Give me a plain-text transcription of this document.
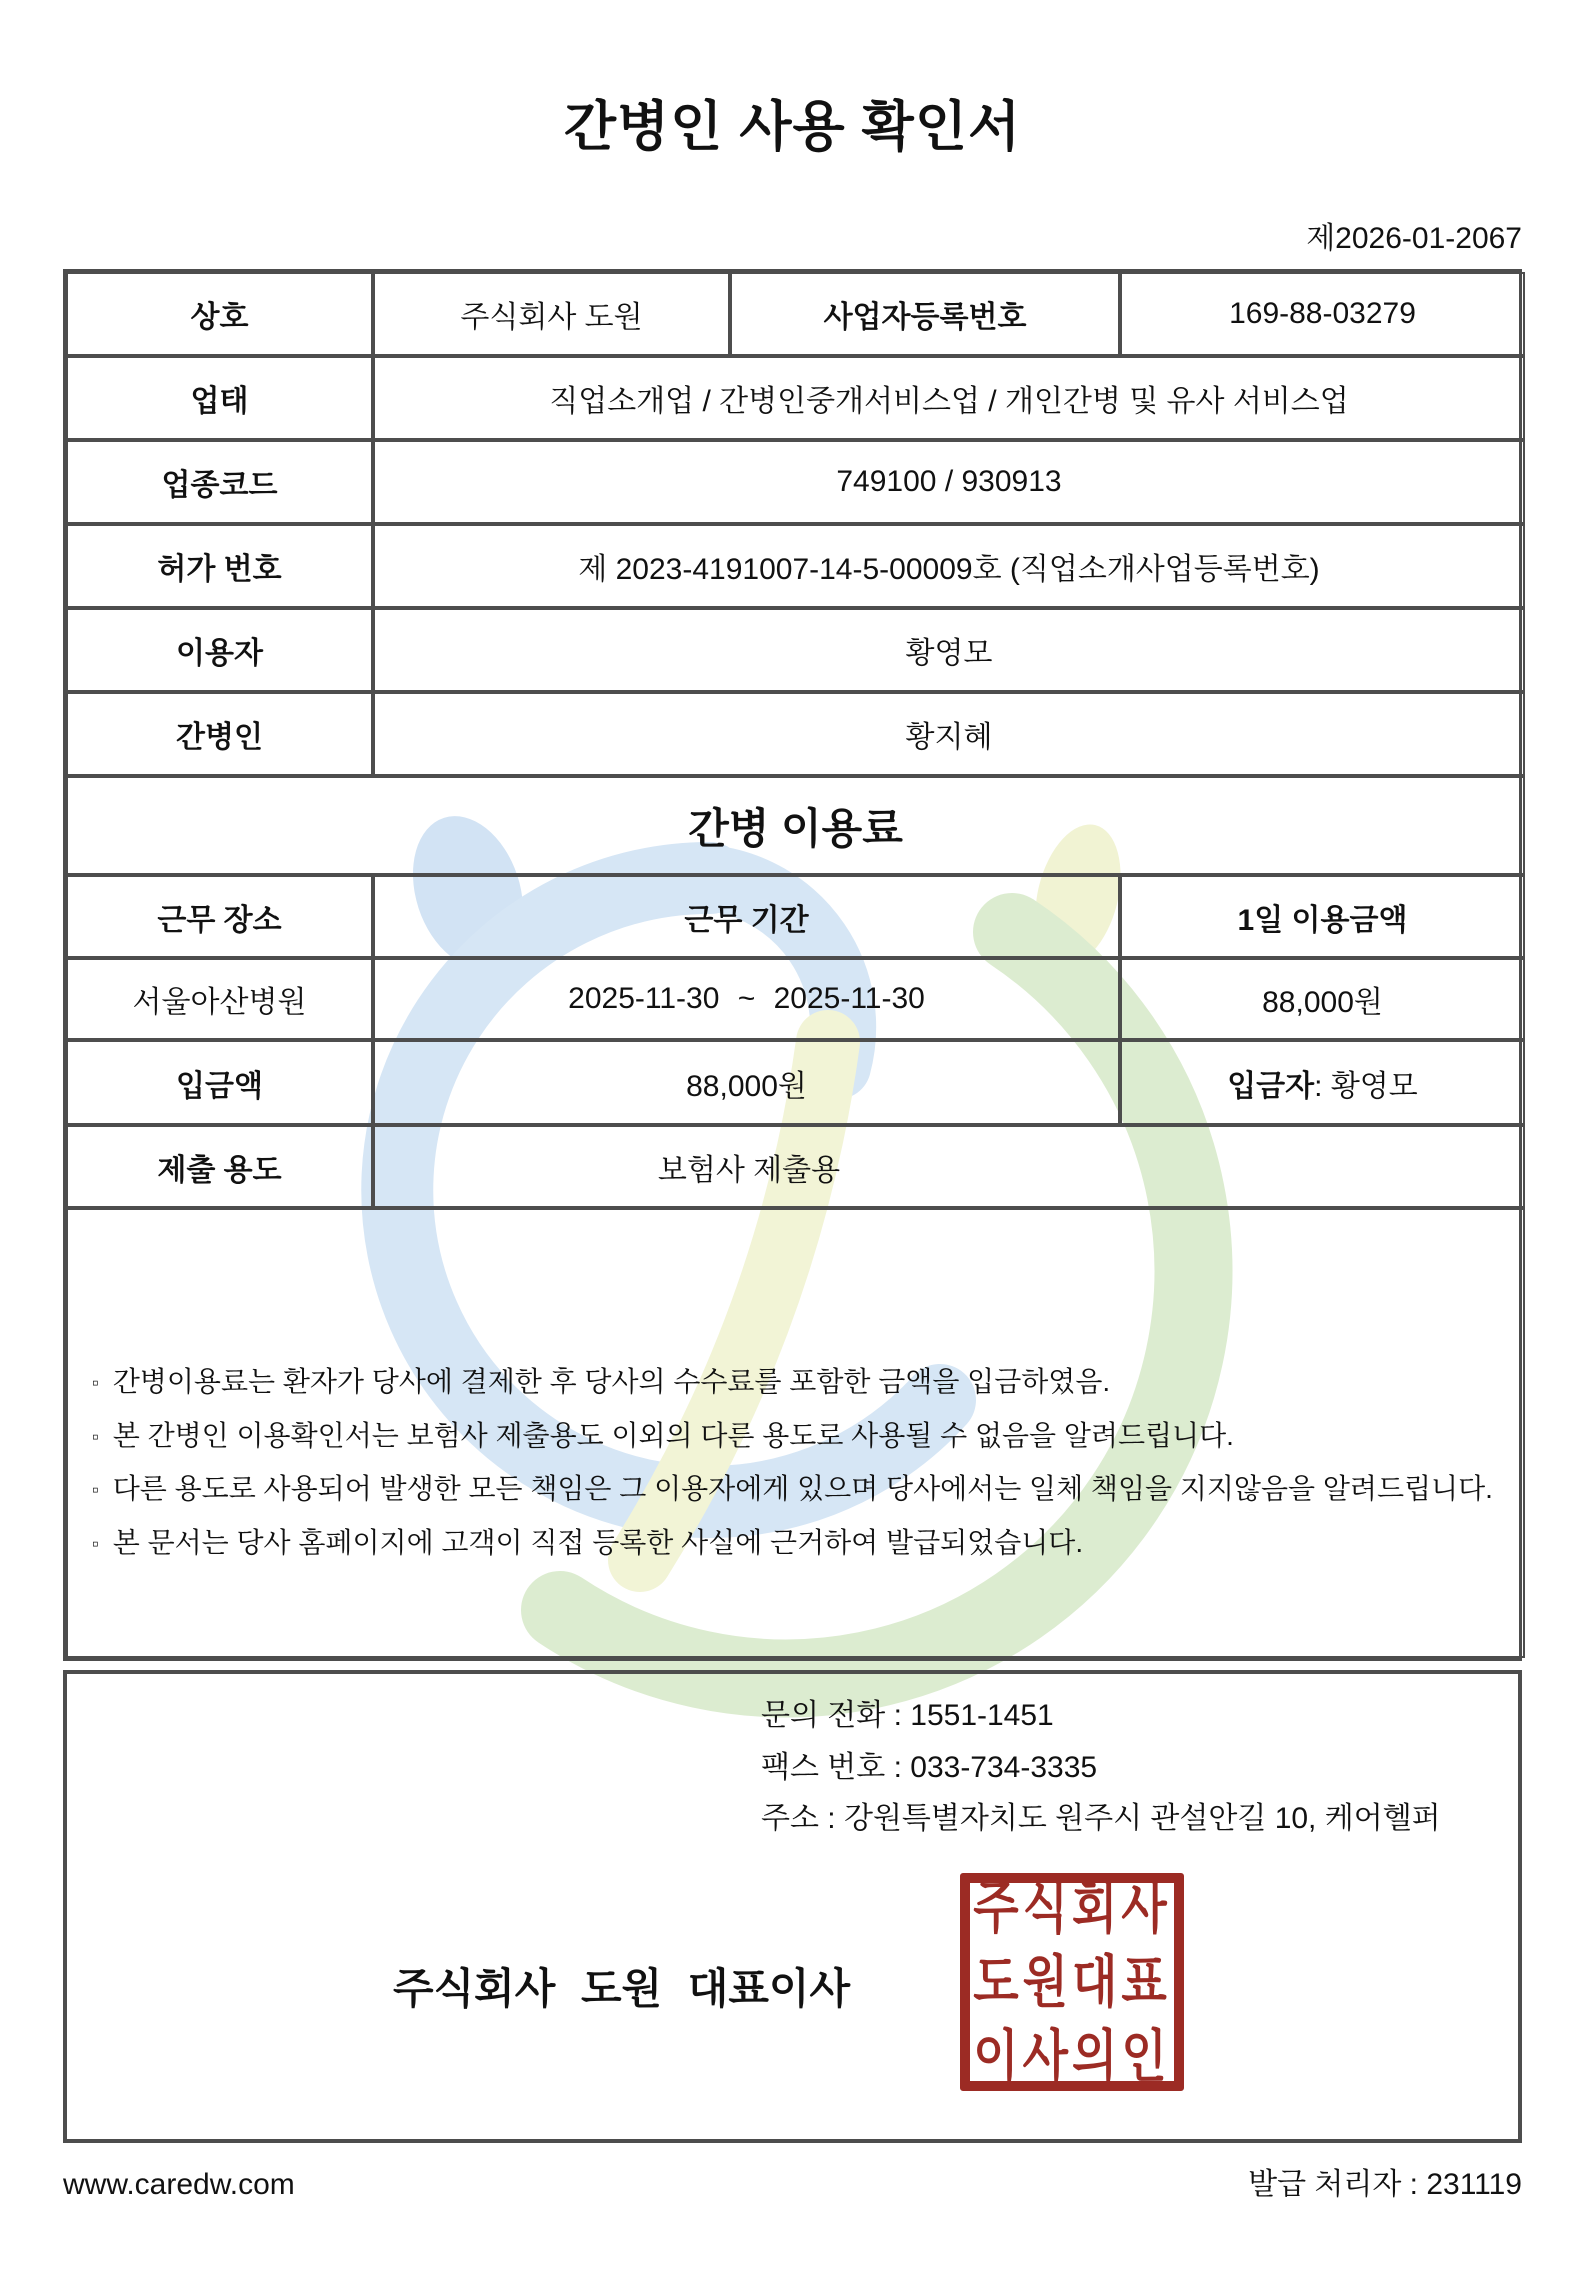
간병인 사용 확인서
제2026-01-2067
상호	주식회사 도원	사업자등록번호	169-88-03279
업태	직업소개업 / 간병인중개서비스업 / 개인간병 및 유사 서비스업
업종코드	749100 / 930913
허가 번호	제 2023-4191007-14-5-00009호 (직업소개사업등록번호)
이용자	황영모
간병인	황지혜
간병 이용료
근무 장소	근무 기간	1일 이용금액
서울아산병원	2025-11-30 ~ 2025-11-30	88,000원
입금액	88,000원	입금자 : 황영모
제출 용도	보험사 제출용
▫ 간병이용료는 환자가 당사에 결제한 후 당사의 수수료를 포함한 금액을 입금하였음.
▫ 본 간병인 이용확인서는 보험사 제출용도 이외의 다른 용도로 사용될 수 없음을 알려드립니다.
▫ 다른 용도로 사용되어 발생한 모든 책임은 그 이용자에게 있으며 당사에서는 일체 책임을 지지않음을 알려드립니다.
▫ 본 문서는 당사 홈페이지에 고객이 직접 등록한 사실에 근거하여 발급되었습니다.
문의 전화 : 1551-1451
팩스 번호 : 033-734-3335
주소 : 강원특별자치도 원주시 관설안길 10, 케어헬퍼
주식회사 도원 대표이사
주식회사
도원대표
이사의인
www.caredw.com	발급 처리자 : 231119
